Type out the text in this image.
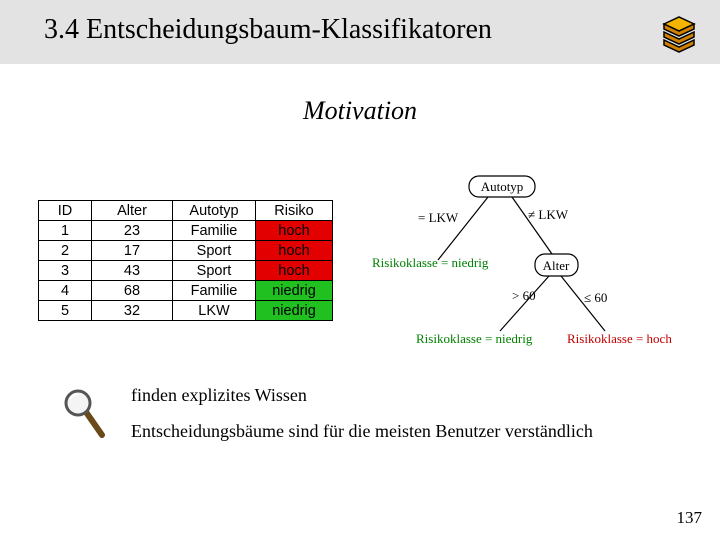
3.4 Entscheidungsbaum-Klassifikatoren
Motivation
ID	Alter	Autotyp	Risiko
1	23	Familie	hoch
2	17	Sport	hoch
3	43	Sport	hoch
4	68	Familie	niedrig
5	32	LKW	niedrig
Autotyp
= LKW	≠ LKW
Risikoklasse = niedrig	Alter
> 60	≤ 60
Risikoklasse = niedrig	Risikoklasse = hoch
finden explizites Wissen
Entscheidungsbäume sind für die meisten Benutzer verständlich
137
